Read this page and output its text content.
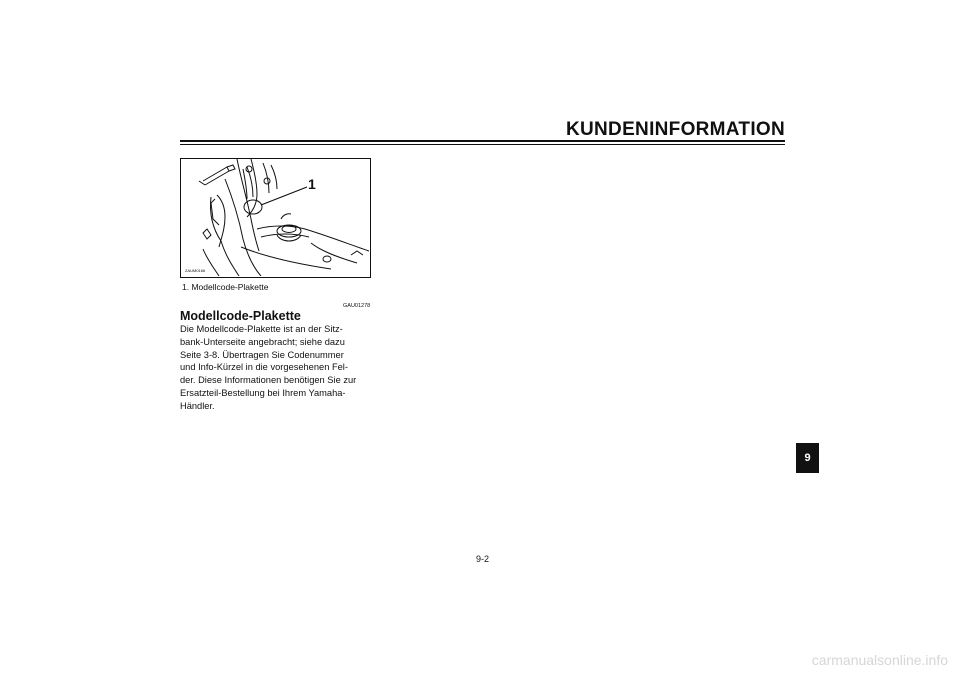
KUNDENINFORMATION
1
ZAUM0166
1. Modellcode-Plakette
GAU01278
Modellcode-Plakette
Die Modellcode-Plakette ist an der Sitz-
bank-Unterseite angebracht; siehe dazu
Seite 3-8. Übertragen Sie Codenummer
und Info-Kürzel in die vorgesehenen Fel-
der. Diese Informationen benötigen Sie zur
Ersatzteil-Bestellung bei Ihrem Yamaha-
Händler.
9
9-2
carmanualsonline.info
